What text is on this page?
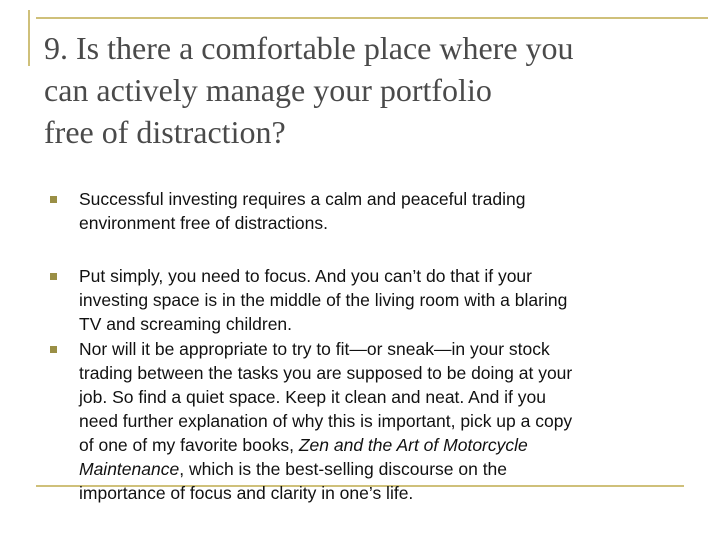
9. Is there a comfortable place where you
can actively manage your portfolio
free of distraction?
Successful investing requires a calm and peaceful trading
environment free of distractions.
Put simply, you need to focus. And you can’t do that if your
investing space is in the middle of the living room with a blaring
TV and screaming children.
Nor will it be appropriate to try to fit—or sneak—in your stock
trading between the tasks you are supposed to be doing at your
job. So find a quiet space. Keep it clean and neat. And if you
need further explanation of why this is important, pick up a copy
of one of my favorite books, Zen and the Art of Motorcycle
Maintenance, which is the best-selling discourse on the
importance of focus and clarity in one’s life.
